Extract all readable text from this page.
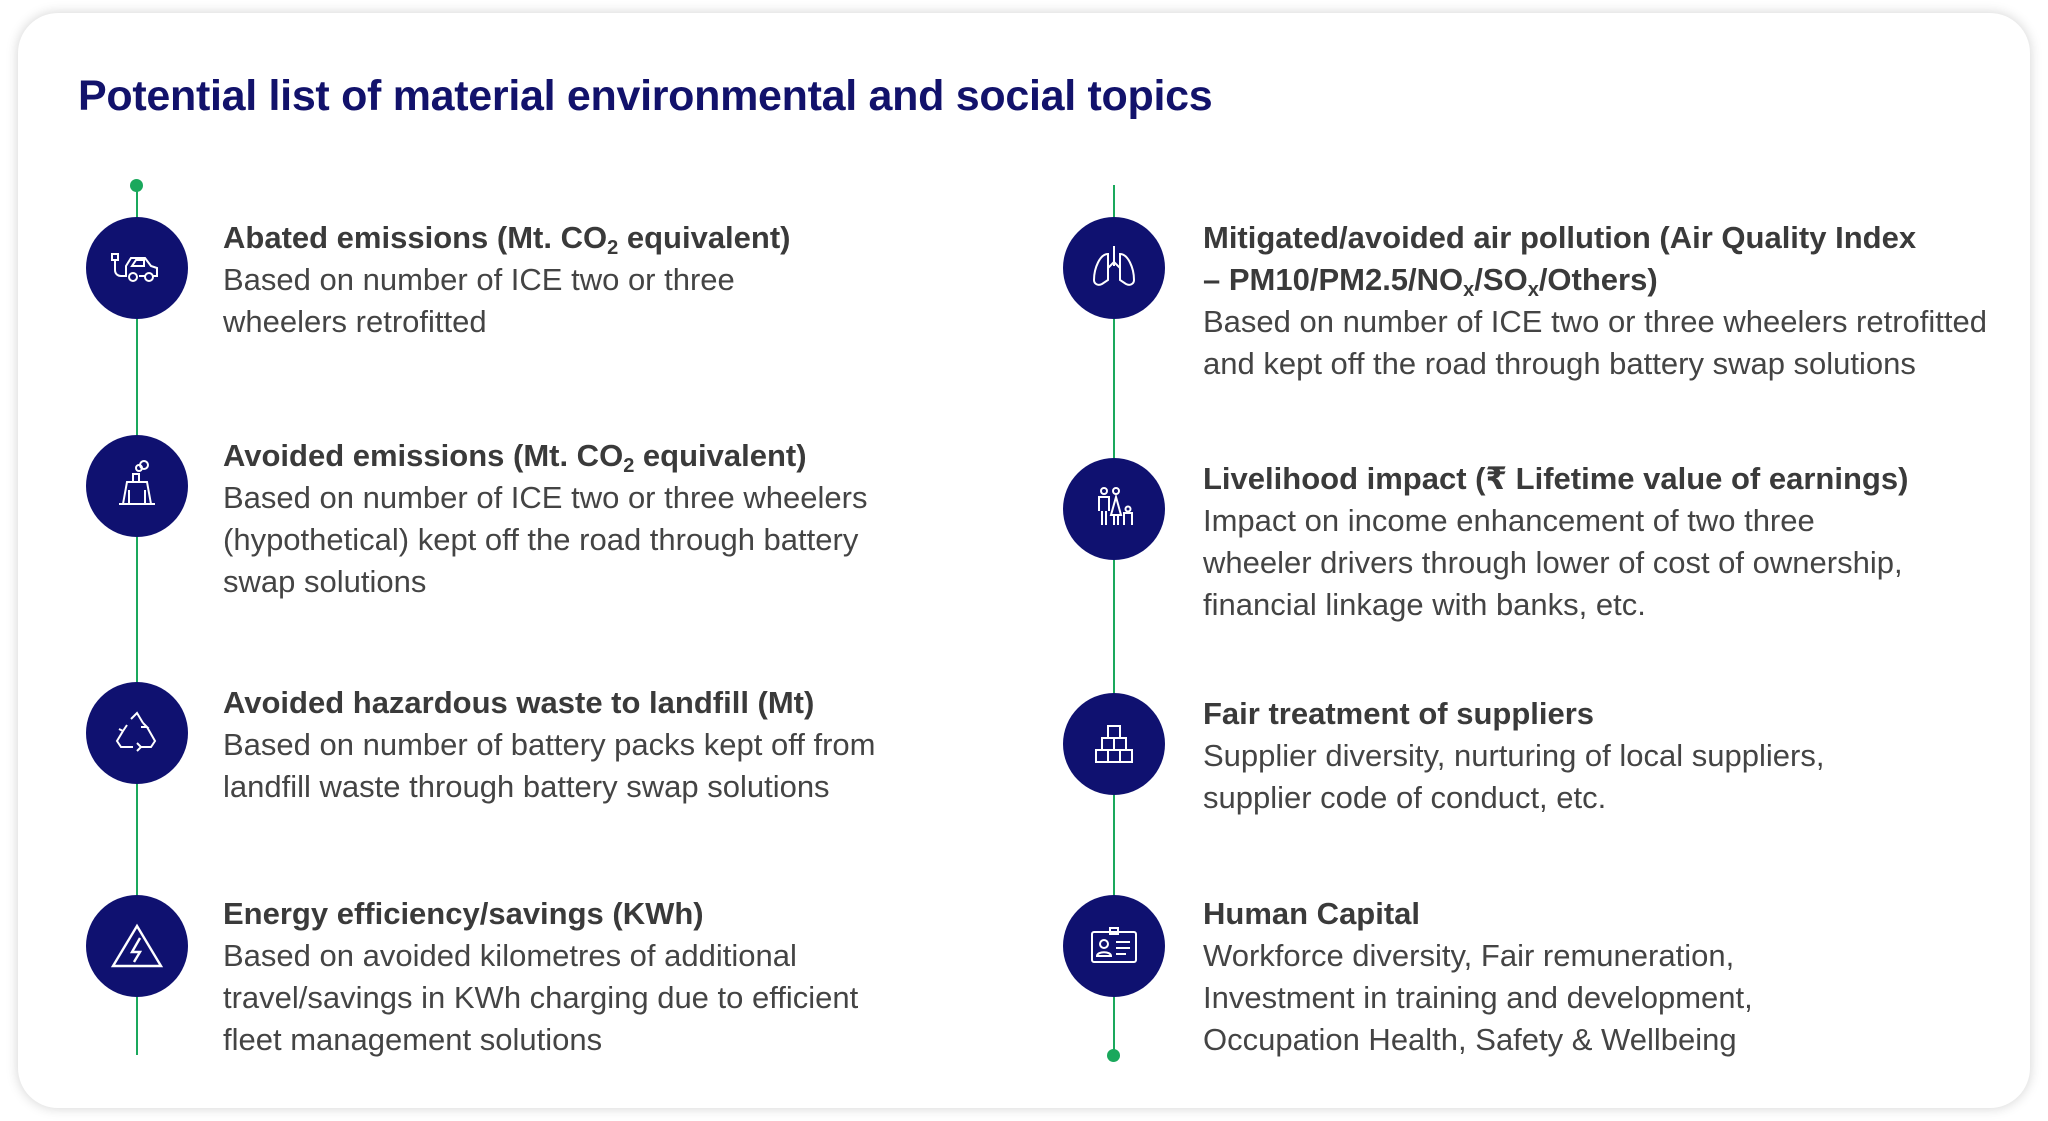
Potential list of material environmental and social topics
Abated emissions (Mt. $CO_2$ equivalent)

Based on number of ICE two or three wheelers retrofitted

Avoided emissions (Mt. $CO_2$ equivalent)

Based on number of ICE two or three wheelers (hypothetical) kept off the road through battery swap solutions

Avoided hazardous waste to landfill (Mt)

Based on number of battery packs kept off from landfill waste through battery swap solutions

Energy efficiency/savings (KWh)

Based on avoided kilometres of additional travel/savings in KWh charging due to efficient fleet management solutions

Mitigated/avoided air pollution (Air Quality Index – $PM10/PM2.5/NO_x/SO_x/Others$)

Based on number of ICE two or three wheelers retrofitted and kept off the road through battery swap solutions

Livelihood impact (₹ Lifetime value of earnings)

Impact on income enhancement of two three wheeler drivers through lower of cost of ownership, financial linkage with banks, etc.

Fair treatment of suppliers

Supplier diversity, nurturing of local suppliers, supplier code of conduct, etc.

Human Capital

Workforce diversity, Fair remuneration, Investment in training and development, Occupation Health, Safety & Wellbeing
